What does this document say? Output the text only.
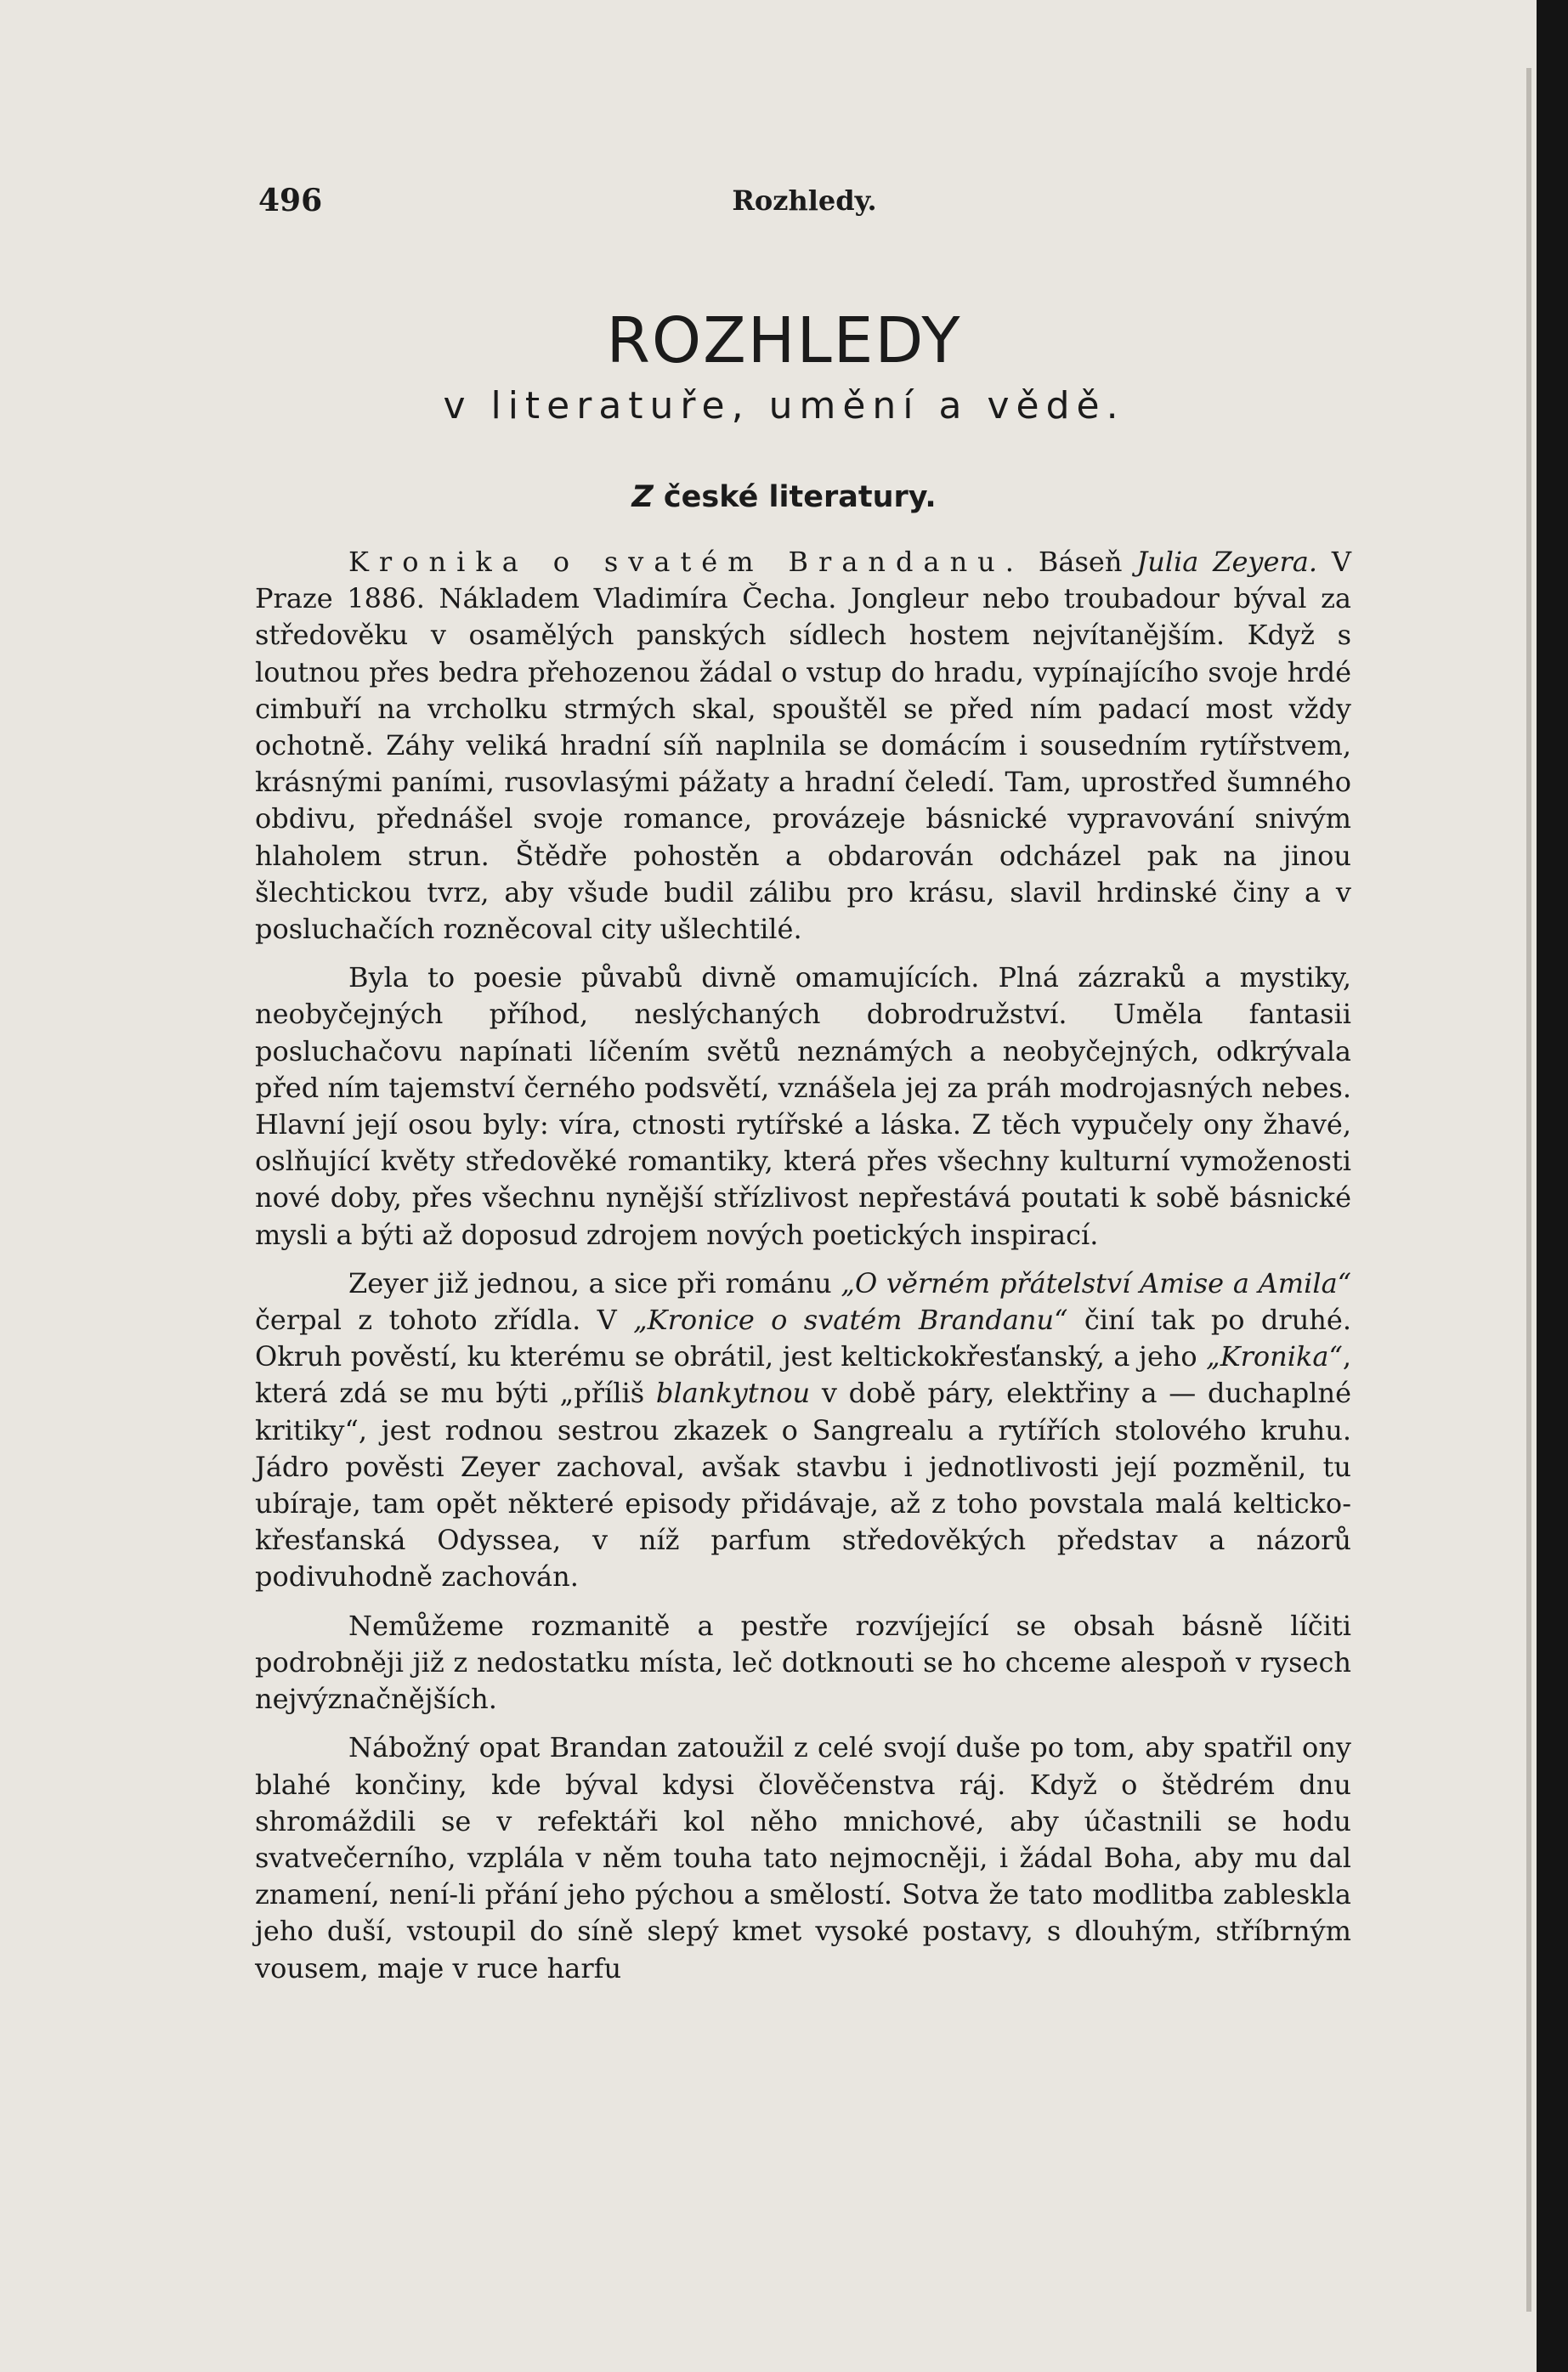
496	Rozhledy.
ROZHLEDY
v literatuře, umění a vědě.
Z české literatury.

Kronika o svatém Brandanu. Báseň Julia Zeyera. V Praze 1886. Nákladem Vladimíra Čecha. Jongleur nebo troubadour býval za středověku v osamělých panských sídlech hostem nejvítanějším. Když s loutnou přes bedra přehozenou žádal o vstup do hradu, vypínajícího svoje hrdé cimbuří na vrcholku strmých skal, spouštěl se před ním padací most vždy ochotně. Záhy veliká hradní síň naplnila se domácím i sousedním rytířstvem, krásnými paními, rusovlasými pážaty a hradní čeledí. Tam, uprostřed šumného obdivu, přednášel svoje romance, provázeje básnické vypravování snivým hlaholem strun. Štědře pohostěn a obdarován odcházel pak na jinou šlechtickou tvrz, aby všude budil zálibu pro krásu, slavil hrdinské činy a v posluchačích rozněcoval city ušlechtilé.

Byla to poesie půvabů divně omamujících. Plná zázraků a mystiky, neobyčejných příhod, neslýchaných dobrodružství. Uměla fantasii posluchačovu napínati líčením světů neznámých a neobyčejných, odkrývala před ním tajemství černého podsvětí, vznášela jej za práh modrojasných nebes. Hlavní její osou byly: víra, ctnosti rytířské a láska. Z těch vypučely ony žhavé, oslňující květy středověké romantiky, která přes všechny kulturní vymoženosti nové doby, přes všechnu nynější střízlivost nepřestává poutati k sobě básnické mysli a býti až doposud zdrojem nových poetických inspirací.

Zeyer již jednou, a sice při románu „O věrném přátelství Amise a Amila“ čerpal z tohoto zřídla. V „Kronice o svatém Brandanu“ činí tak po druhé. Okruh pověstí, ku kterému se obrátil, jest keltickokřesťanský, a jeho „Kronika“, která zdá se mu býti „příliš blankytnou v době páry, elektřiny a — duchaplné kritiky“, jest rodnou sestrou zkazek o Sangrealu a rytířích stolového kruhu. Jádro pověsti Zeyer zachoval, avšak stavbu i jednotlivosti její pozměnil, tu ubíraje, tam opět některé episody přidávaje, až z toho povstala malá kelticko-křesťanská Odyssea, v níž parfum středověkých představ a názorů podivuhodně zachován.

Nemůžeme rozmanitě a pestře rozvíjející se obsah básně líčiti podrobněji již z nedostatku místa, leč dotknouti se ho chceme alespoň v rysech nejvýznačnějších.

Nábožný opat Brandan zatoužil z celé svojí duše po tom, aby spatřil ony blahé končiny, kde býval kdysi člověčenstva ráj. Když o štědrém dnu shromáždili se v refektáři kol něho mnichové, aby účastnili se hodu svatvečerního, vzplála v něm touha tato nejmocněji, i žádal Boha, aby mu dal znamení, není-li přání jeho pýchou a smělostí. Sotva že tato modlitba zableskla jeho duší, vstoupil do síně slepý kmet vysoké postavy, s dlouhým, stříbrným vousem, maje v ruce harfu
